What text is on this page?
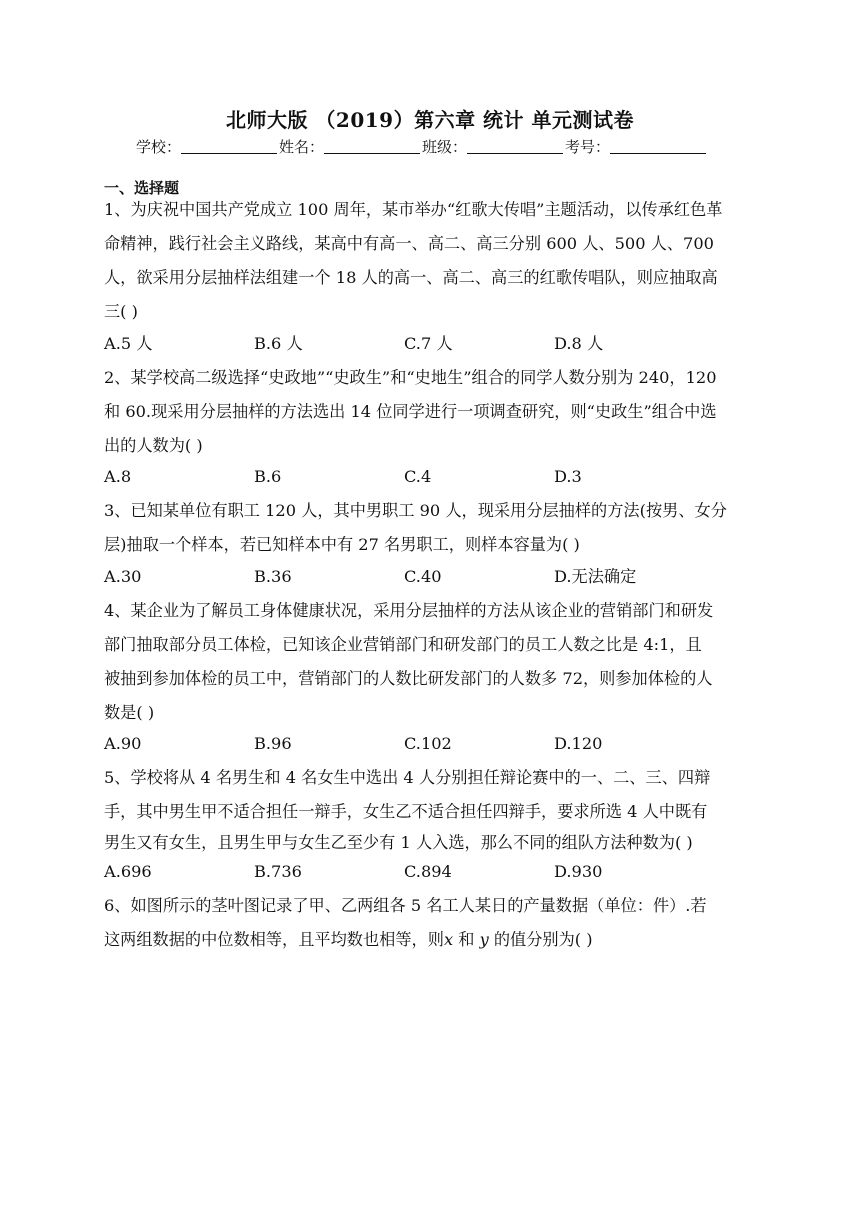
北师大版 （2019）第六章 统计 单元测试卷
学校：	姓名：	班级：	考号：
一、选择题
1、为庆祝中国共产党成立 100 周年，某市举办“红歌大传唱”主题活动，以传承红色革
命精神，践行社会主义路线，某高中有高一、高二、高三分别 600 人、500 人、700
人，欲采用分层抽样法组建一个 18 人的高一、高二、高三的红歌传唱队，则应抽取高
三( )
A.5 人	B.6 人	C.7 人	D.8 人
2、某学校高二级选择“史政地”“史政生”和“史地生”组合的同学人数分别为 240，120
和 60.现采用分层抽样的方法选出 14 位同学进行一项调查研究，则“史政生”组合中选
出的人数为( )
A.8	B.6	C.4	D.3
3、已知某单位有职工 120 人，其中男职工 90 人，现采用分层抽样的方法(按男、女分
层)抽取一个样本，若已知样本中有 27 名男职工，则样本容量为( )
A.30	B.36	C.40	D.无法确定
4、某企业为了解员工身体健康状况，采用分层抽样的方法从该企业的营销部门和研发
部门抽取部分员工体检，已知该企业营销部门和研发部门的员工人数之比是 4:1，且
被抽到参加体检的员工中，营销部门的人数比研发部门的人数多 72，则参加体检的人
数是( )
A.90	B.96	C.102	D.120
5、学校将从 4 名男生和 4 名女生中选出 4 人分别担任辩论赛中的一、二、三、四辩
手，其中男生甲不适合担任一辩手，女生乙不适合担任四辩手，要求所选 4 人中既有
男生又有女生，且男生甲与女生乙至少有 1 人入选，那么不同的组队方法种数为( )
A.696	B.736	C.894	D.930
6、如图所示的茎叶图记录了甲、乙两组各 5 名工人某日的产量数据（单位：件）.若
这两组数据的中位数相等，且平均数也相等，则x 和 y 的值分别为( )
